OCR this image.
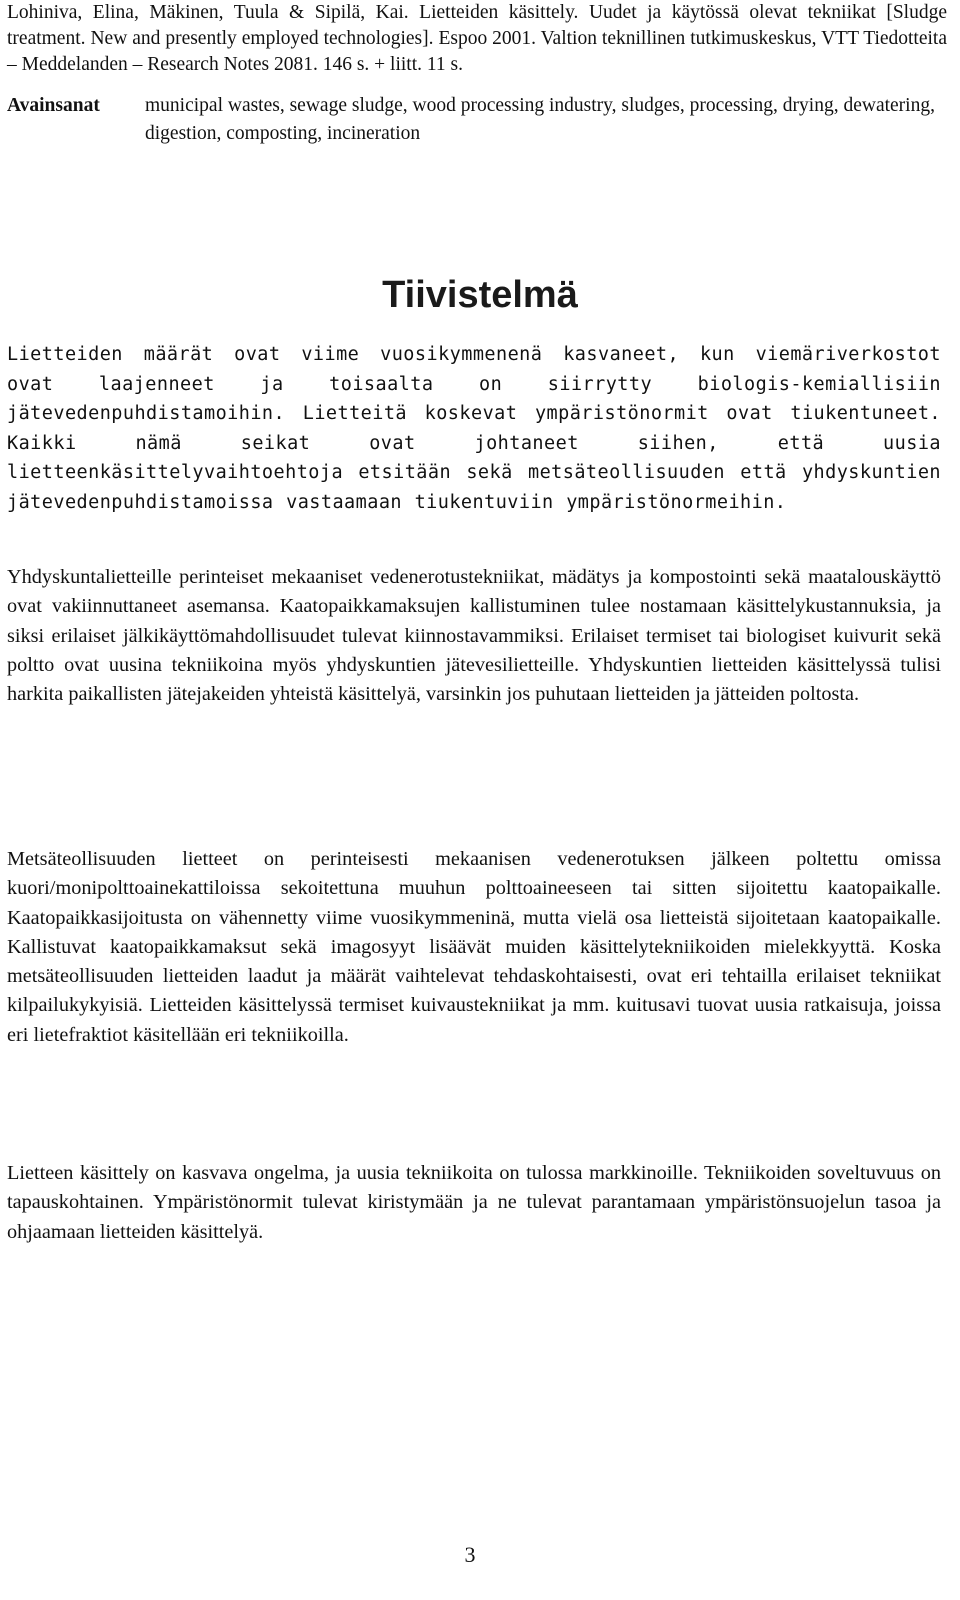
Lohiniva, Elina, Mäkinen, Tuula & Sipilä, Kai. Lietteiden käsittely. Uudet ja käytössä olevat tekniikat [Sludge treatment. New and presently employed technologies]. Espoo 2001. Valtion teknillinen tutkimuskeskus, VTT Tiedotteita – Meddelanden – Research Notes 2081. 146 s. + liitt. 11 s.

Avainsanat municipal wastes, sewage sludge, wood processing industry, sludges, processing, drying, dewatering, digestion, composting, incineration

Tiivistelmä

Lietteiden määrät ovat viime vuosikymmenenä kasvaneet, kun viemäriverkostot ovat laajenneet ja toisaalta on siirrytty biologis-kemiallisiin jätevedenpuhdistamoihin. Lietteitä koskevat ympäristönormit ovat tiukentuneet. Kaikki nämä seikat ovat johtaneet siihen, että uusia lietteenkäsittelyvaihtoehtoja etsitään sekä metsäteollisuuden että yhdyskuntien jätevedenpuhdistamoissa vastaamaan tiukentuviin ympäristönormeihin.

Yhdyskuntalietteille perinteiset mekaaniset vedenerotustekniikat, mädätys ja kompostointi sekä maatalouskäyttö ovat vakiinnuttaneet asemansa. Kaatopaikkamaksujen kallistuminen tulee nostamaan käsittelykustannuksia, ja siksi erilaiset jälkikäyttömahdollisuudet tulevat kiinnostavammiksi. Erilaiset termiset tai biologiset kuivurit sekä poltto ovat uusina tekniikoina myös yhdyskuntien jätevesilietteille. Yhdyskuntien lietteiden käsittelyssä tulisi harkita paikallisten jätejakeiden yhteistä käsittelyä, varsinkin jos puhutaan lietteiden ja jätteiden poltosta.

Metsäteollisuuden lietteet on perinteisesti mekaanisen vedenerotuksen jälkeen poltettu omissa kuori/monipolttoainekattiloissa sekoitettuna muuhun polttoaineeseen tai sitten sijoitettu kaatopaikalle. Kaatopaikkasijoitusta on vähennetty viime vuosikymmeninä, mutta vielä osa lietteistä sijoitetaan kaatopaikalle. Kallistuvat kaatopaikkamaksut sekä imagosyyt lisäävät muiden käsittelytekniikoiden mielekkyyttä. Koska metsäteollisuuden lietteiden laadut ja määrät vaihtelevat tehdaskohtaisesti, ovat eri tehtailla erilaiset tekniikat kilpailukykyisiä. Lietteiden käsittelyssä termiset kuivaustekniikat ja mm. kuitusavi tuovat uusia ratkaisuja, joissa eri lietefraktiot käsitellään eri tekniikoilla.

Lietteen käsittely on kasvava ongelma, ja uusia tekniikoita on tulossa markkinoille. Tekniikoiden soveltuvuus on tapauskohtainen. Ympäristönormit tulevat kiristymään ja ne tulevat parantamaan ympäristönsuojelun tasoa ja ohjaamaan lietteiden käsittelyä.

3
